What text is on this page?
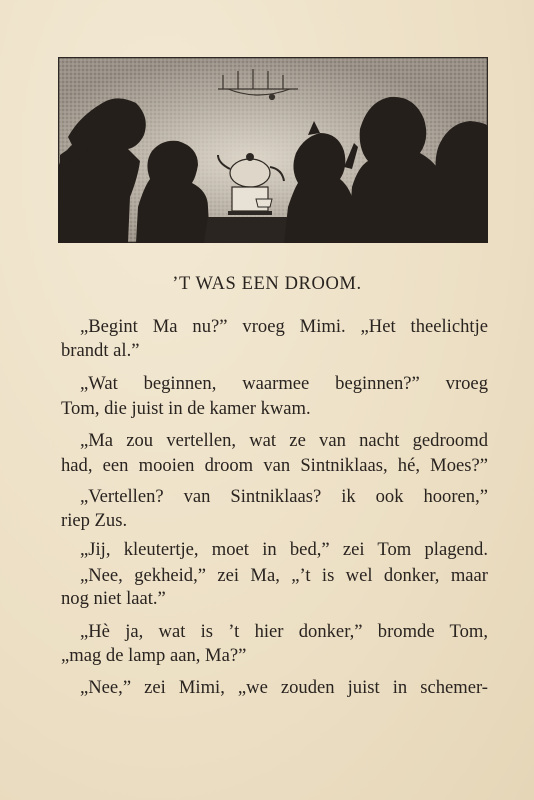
’T WAS EEN DROOM.
„Begint Ma nu?” vroeg Mimi. „Het theelichtje
brandt al.”
„Wat beginnen, waarmee beginnen?” vroeg
Tom, die juist in de kamer kwam.
„Ma zou vertellen, wat ze van nacht gedroomd
had, een mooien droom van Sintniklaas, hé, Moes?”
„Vertellen? van Sintniklaas? ik ook hooren,”
riep Zus.
„Jij, kleutertje, moet in bed,” zei Tom plagend.
„Nee, gekheid,” zei Ma, „’t is wel donker, maar
nog niet laat.”
„Hè ja, wat is ’t hier donker,” bromde Tom,
„mag de lamp aan, Ma?”
„Nee,” zei Mimi, „we zouden juist in schemer-
